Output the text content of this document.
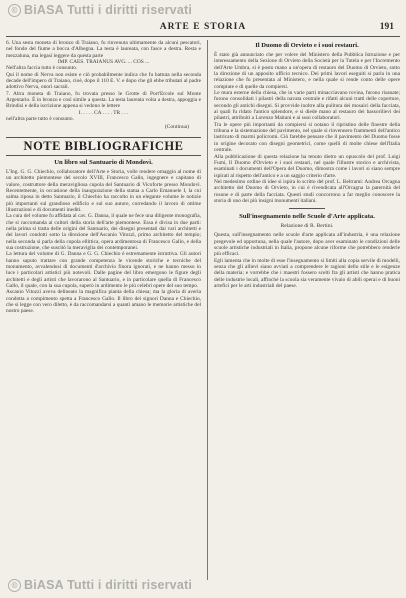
© BiASA Tutti i diritti riservati
ARTE E STORIA	191

6. Una sesta moneta di bronzo di Traiano, fu rinvenuta ultimamente da alcuni pescatori, nel fondo del fiume a bocca d'Albegna. La testa è laureata, con fasce a destra. Resta e mezzaluna, ma legasi leggere da questa parte

IMP. CAES. TRAIANUS AVG. ... COS ...

Nell'altra faccia tutto è consunto.

Qui il nome di Nerva non esiste e ciò probabilmente indica che fu battuta nella seconda decade dell'impero di Traiano, cioè, dopo il 110 E. V. e dopo che gli ebbe tributati al padre adottivo Nerva, onori sacrali.

7. Altra moneta di Traiano, fu trovata presso le Grotte di Port'Ercole sul Monte Argentario. È in bronzo e così simile a questa. La testa laureata volta a destra, appoggia e Brindisi e della iscrizione appena si vedono le lettere

I. . . . . CA . . . . TR . . .

nell'altra parte tutto è consunto.

(Continua)
NOTE BIBLIOGRAFICHE
Un libro sul Santuario di Mondovì.

L'Ing. G. G. Chiechio, collaboratore dell'Arte e Storia, volle rendere omaggio al nome di un architetto piemontese del secolo XVIII, Francesco Gallo, ingegnere e capitano di valore, costruttore della meravigliosa cupola del Santuario di Vicoforte presso Mondovì. Recentemente, in occasione della inaugurazione della statua a Carlo Emanuele I, la cui salma riposa in detto Santuario, il Chiechio ha raccolto in un elegante volume le notizie più importanti sul grandioso edificio e sul suo autore, corredando il lavoro di ottime illustrazioni e di documenti inediti.

La cura del volume fu affidata al cav. G. Danna, il quale ne fece una diligente monografia, che si raccomanda ai cultori della storia dell'arte piemontese. Essa è divisa in due parti: nella prima si tratta delle origini del Santuario, dei disegni presentati dai vari architetti e dei lavori condotti sotto la direzione dell'Ascanio Vitozzi, primo architetto del tempio; nella seconda si parla della cupola ellittica, opera ardimentosa di Francesco Gallo, e della sua costruzione, che suscitò la meraviglia dei contemporanei.

La lettura del volume di G. Danna e G. G. Chiechio è estremamente istruttiva. Gli autori hanno saputo trattare con grande competenza le vicende storiche e tecniche del monumento, avvalendosi di documenti d'archivio finora ignorati, e ne hanno messo in luce i particolari artistici più notevoli. Dalle pagine del libro emergono le figure degli architetti e degli artisti che lavorarono al Santuario, e in particolare quella di Francesco Gallo, il quale, con la sua cupola, superò in ardimento le più celebri opere del suo tempo.

Ascanio Vitozzi aveva delineato la magnifica pianta della chiesa; ma la gloria di averla condotta a compimento spetta a Francesco Gallo. Il libro dei signori Danna e Chiechio, che si legge con vero diletto, è da raccomandarsi a quanti amano le memorie artistiche del nostro paese.

Il Duomo di Orvieto e i suoi restauri.

È stato già annunciato che per volere del Ministero della Pubblica Istruzione e per interessamento della Sezione di Orvieto della Società per la Tutela e per l'Incremento dell'Arte Umbra, si è posto mano a un'opera di restauro del Duomo di Orvieto, sotto la direzione di un apposito ufficio tecnico. Dei primi lavori eseguiti si parla in una relazione che fu presentata al Ministero, e nella quale si rende conto delle opere compiute e di quelle da compiersi.

Le mura esterne della chiesa, che in varie parti minacciavano rovina, furono risanate; furono consolidati i pilastri della navata centrale e rifatti alcuni tratti delle coperture, secondo gli antichi disegni. Si provvide inoltre alla pulitura dei mosaici della facciata, ai quali fu ridato l'antico splendore, e si diede mano al restauro dei bassorilievi dei pilastri, attribuiti a Lorenzo Maitani e ai suoi collaboratori.

Tra le opere più importanti da compiersi si notano il ripristino delle finestre della tribuna e la sistemazione del pavimento, nel quale si rinvennero frammenti dell'antico lastricato di marmi policromi. Ciò farebbe pensare che il pavimento del Duomo fosse in origine decorato con disegni geometrici, come quelli di molte chiese dell'Italia centrale.

Alla pubblicazione di questa relazione ha tenuto dietro un opuscolo del prof. Luigi Fumi, Il Duomo d'Orvieto e i suoi restauri, nel quale l'illustre storico e archivista, esaminati i documenti dell'Opera del Duomo, dimostra come i lavori si siano sempre ispirati al rispetto dell'antico e a un saggio criterio d'arte.

Nel medesimo ordine di idee si ispira lo scritto del prof. L. Beltrami: Andrea Orcagna architetto del Duomo di Orvieto, in cui è rivendicata all'Orcagna la paternità del rosone e di parte della facciata. Questi studi concorrono a far meglio conoscere la storia di uno dei più insigni monumenti italiani.

Sull'insegnamento nelle Scuole d'Arte applicata.
Relazione di R. Bertini.

Questa, sull'insegnamento nelle scuole d'arte applicata all'industria, è una relazione pregevole ed opportuna, nella quale l'autore, dopo aver esaminato le condizioni delle scuole artistiche industriali in Italia, propone alcune riforme che potrebbero renderle più efficaci.

Egli lamenta che in molte di esse l'insegnamento si limiti alla copia servile di modelli, senza che gli allievi siano avviati a comprendere le ragioni dello stile e le esigenze della materia; e vorrebbe che i maestri fossero scelti fra gli artisti che hanno pratica delle industrie locali, affinché la scuola sia veramente vivaio di abili operai e di buoni artefici per le arti industriali del paese.

© BiASA Tutti i diritti riservati
